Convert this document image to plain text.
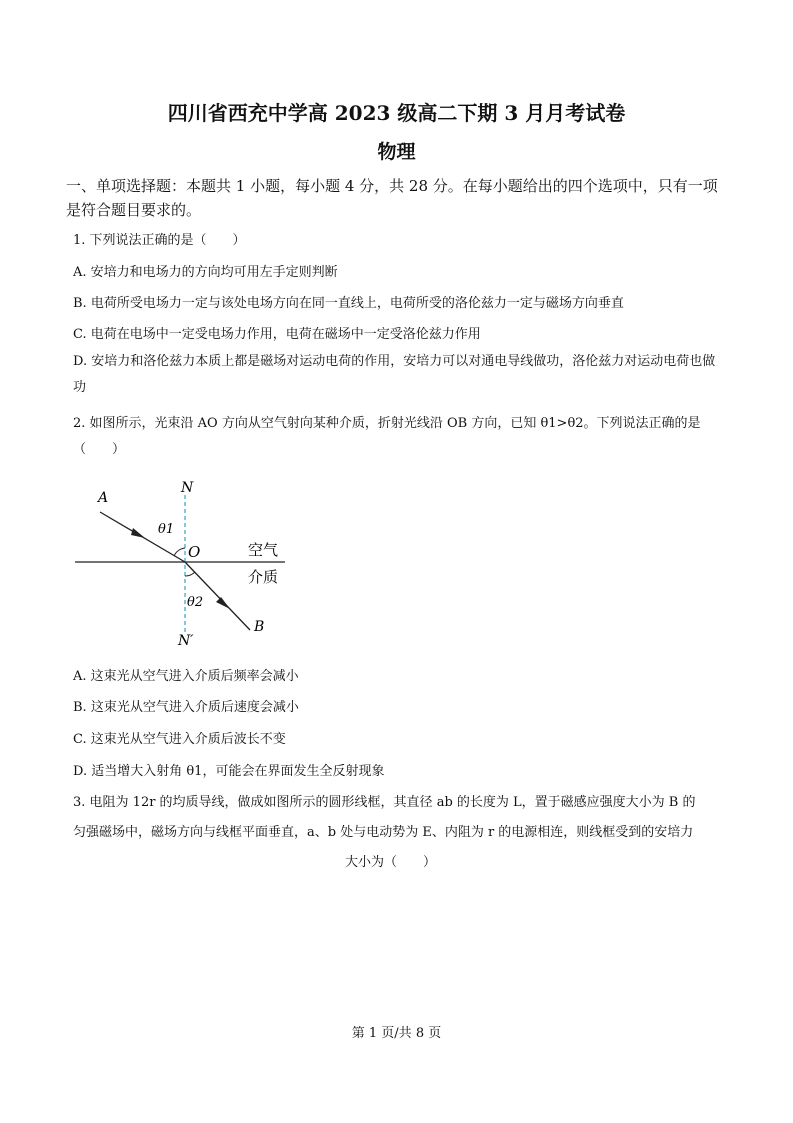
四川省西充中学高 2023 级高二下期 3 月月考试卷
物理
一、单项选择题：本题共 1 小题，每小题 4 分，共 28 分。在每小题给出的四个选项中，只有一项是符合题目要求的。
1. 下列说法正确的是（　　）
A. 安培力和电场力的方向均可用左手定则判断
B. 电荷所受电场力一定与该处电场方向在同一直线上，电荷所受的洛伦兹力一定与磁场方向垂直
C. 电荷在电场中一定受电场力作用，电荷在磁场中一定受洛伦兹力作用
D. 安培力和洛伦兹力本质上都是磁场对运动电荷的作用，安培力可以对通电导线做功，洛伦兹力对运动电荷也做功
2. 如图所示，光束沿 AO 方向从空气射向某种介质，折射光线沿 OB 方向，已知 θ1>θ2。下列说法正确的是（　　）
A
N
θ1
O	空气
介质
θ2
B
N′
A. 这束光从空气进入介质后频率会减小
B. 这束光从空气进入介质后速度会减小
C. 这束光从空气进入介质后波长不变
D. 适当增大入射角 θ1，可能会在界面发生全反射现象
3. 电阻为 12r 的均质导线，做成如图所示的圆形线框，其直径 ab 的长度为 L，置于磁感应强度大小为 B 的
匀强磁场中，磁场方向与线框平面垂直，a、b 处与电动势为 E、内阻为 r 的电源相连，则线框受到的安培力
大小为（　　）
第 1 页/共 8 页
